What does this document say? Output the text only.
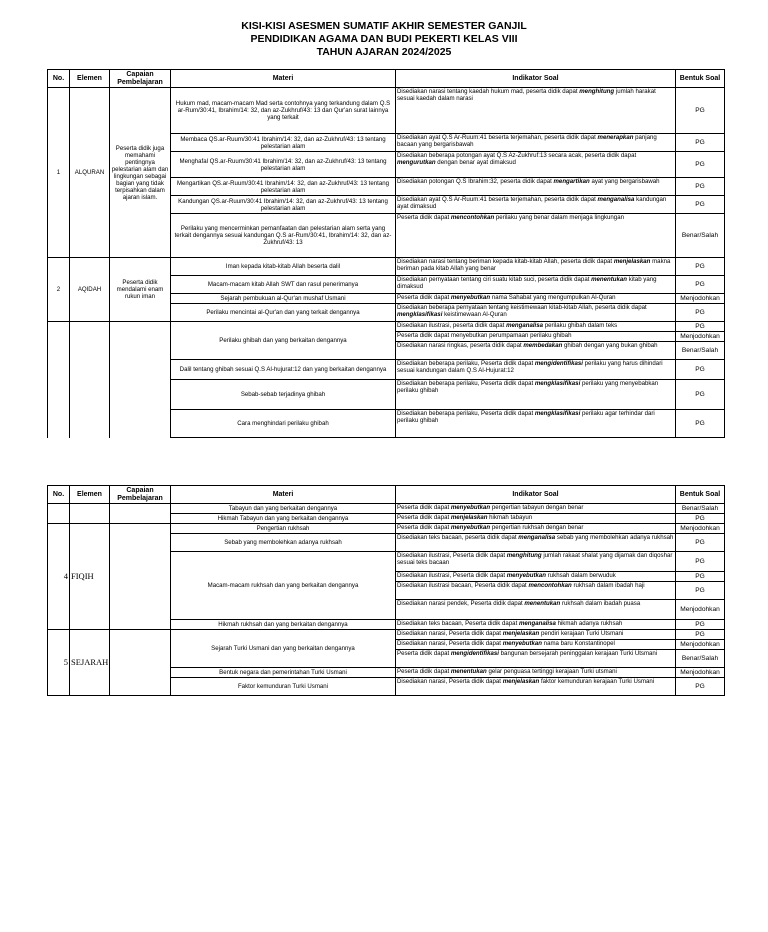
KISI-KISI ASESMEN SUMATIF AKHIR SEMESTER GANJIL
PENDIDIKAN AGAMA DAN BUDI PEKERTI KELAS VIII
TAHUN AJARAN 2024/2025
No.	Elemen	Capaian Pembelajaran	Materi	Indikator Soal	Bentuk Soal
1	ALQURAN	Peserta didik juga memahami pentingnya pelestarian alam dan lingkungan sebagai bagian yang tidak terpisahkan dalam ajaran islam.	Hukum mad, macam-macam Mad serta contohnya yang terkandung dalam Q.S ar-Rum/30:41, Ibrahim/14: 32, dan az-Zukhruf/43: 13 dan Qur'an surat lainnya yang terkait	Disediakan narasi tentang kaedah hukum mad, peserta didik dapat menghitung jumlah harakat sesuai kaedah dalam narasi	PG
			Membaca QS.ar-Ruum/30:41 Ibrahim/14: 32, dan az-Zukhruf/43: 13 tentang pelestarian alam	Disediakan ayat Q.S Ar-Ruum:41 beserta terjemahan, peserta didik dapat menerapkan panjang bacaan yang bergarisbawah	PG
			Menghafal QS.ar-Ruum/30:41 Ibrahim/14: 32, dan az-Zukhruf/43: 13 tentang pelestarian alam	Disediakan beberapa potongan ayat Q.S Az-Zukhruf:13 secara acak, peserta didik dapat mengurutkan dengan benar ayat dimaksud	PG
			Mengartikan QS.ar-Ruum/30:41 Ibrahim/14: 32, dan az-Zukhruf/43: 13 tentang pelestarian alam	Disediakan potongan Q.S Ibrahim:32, peserta didik dapat mengartikan ayat yang bergarisbawah	PG
			Kandungan QS.ar-Ruum/30:41 Ibrahim/14: 32, dan az-Zukhruf/43: 13 tentang pelestarian alam	Disediakan ayat Q.S Ar-Ruum:41 beserta terjemahan, peserta didik dapat menganalisa kandungan ayat dimaksud	PG
			Perilaku yang mencerminkan pemanfaatan dan pelestarian alam serta yang terkait dengannya sesuai kandungan Q.S ar-Rum/30:41, Ibrahim/14: 32, dan az-Zukhruf/43: 13	Peserta didik dapat mencontohkan perilaku yang benar dalam menjaga lingkungan	Benar/Salah
2	AQIDAH	Peserta didik mendalami enam rukun iman	Iman kepada kitab-kitab Allah beserta dalil	Disediakan narasi tentang beriman kepada kitab-kitab Allah, peserta didik dapat menjelaskan makna beriman pada kitab Allah yang benar	PG
			Macam-macam kitab Allah SWT dan rasul penerimanya	Disediakan pernyataan tentang ciri suatu kitab suci, peserta didik dapat menentukan kitab yang dimaksud	PG
			Sejarah pembukuan al-Qur'an mushaf Usmani	Peserta didik dapat menyebutkan nama Sahabat yang mengumpulkan Al-Quran	Menjodohkan
			Perilaku mencintai al-Qur'an dan yang terkait dengannya	Disediakan beberapa pernyataan tentang keistimewaan kitab-kitab Allah, peserta didik dapat mengklasifikasi keistimewaan Al-Quran	PG
			Perilaku ghibah dan yang berkaitan dengannya	Disediakan ilustrasi, peserta didik dapat menganalisa perilaku ghibah dalam teks	PG
				Peserta didik dapat menyebutkan perumpamaan perilaku ghibah	Menjodohkan
				Disediakan narasi ringkas, peserta didik dapat membedakan ghibah dengan yang bukan ghibah	Benar/Salah
			Dalil tentang ghibah sesuai Q.S Al-hujurat:12 dan yang berkaitan dengannya	Disediakan beberapa perilaku, Peserta didik dapat mengidentifikasi perilaku yang harus dihindari sesuai kandungan dalam Q.S Al-Hujurat:12	PG
			Sebab-sebab terjadinya ghibah	Disediakan beberapa perilaku, Peserta didik dapat mengklasifikasi perilaku yang menyebabkan perilaku ghibah	PG
			Cara menghindari perilaku ghibah	Disediakan beberapa perilaku, Peserta didik dapat mengklasifikasi perilaku agar terhindar dari perilaku ghibah	PG
No.	Elemen	Capaian Pembelajaran	Materi	Indikator Soal	Bentuk Soal
			Tabayun dan yang berkaitan dengannya	Peserta didik dapat menyebutkan pengertian tabayun dengan benar	Benar/Salah
			Hikmah Tabayun dan yang berkaitan dengannya	Peserta didik dapat menjelaskan hikmah tabayun	PG
4	FIQIH		Pengertian rukhsah	Peserta didik dapat menyebutkan pengertian rukhsah dengan benar	Menjodohkan
			Sebab yang membolehkan adanya rukhsah	Disediakan teks bacaan, peserta didik dapat menganalisa sebab yang membolehkan adanya rukhsah	PG
			Macam-macam rukhsah dan yang berkaitan dengannya	Disediakan ilustrasi, Peserta didik dapat menghitung jumlah rakaat shalat yang dijamak dan diqoshar sesuai teks bacaan	PG
				Disediakan ilustrasi, Peserta didik dapat menyebutkan rukhsah dalam berwuduk	PG
				Disediakan ilustrasi bacaan, Peserta didik dapat mencontohkan rukhsah dalam ibadah haji	PG
				Disediakan narasi pendek, Peserta didik dapat menentukan rukhsah dalam ibadah puasa	Menjodohkan
			Hikmah rukhsah dan yang berkaitan dengannya	Disediakan teks bacaan, Peserta didik dapat menganalisa hikmah adanya rukhsah	PG
5	SEJARAH		Sejarah Turki Usmani dan yang berkaitan dengannya	Disediakan narasi, Peserta didik dapat menjelaskan pendiri kerajaan Turki Utsmani	PG
				Disediakan narasi, Peserta didik dapat menyebutkan nama baru Konstantinopel	Menjodohkan
				Peserta didik dapat mengidentifikasi bangunan bersejarah peninggalan kerajaan Turki Utsmani	Benar/Salah
			Bentuk negara dan pemerintahan Turki Usmani	Peserta didik dapat menentukan gelar penguasa tertinggi kerajaan Turki utsmani	Menjodohkan
			Faktor kemunduran Turki Usmani	Disediakan narasi, Peserta didik dapat menjelaskan faktor kemunduran kerajaan Turki Usmani	PG
